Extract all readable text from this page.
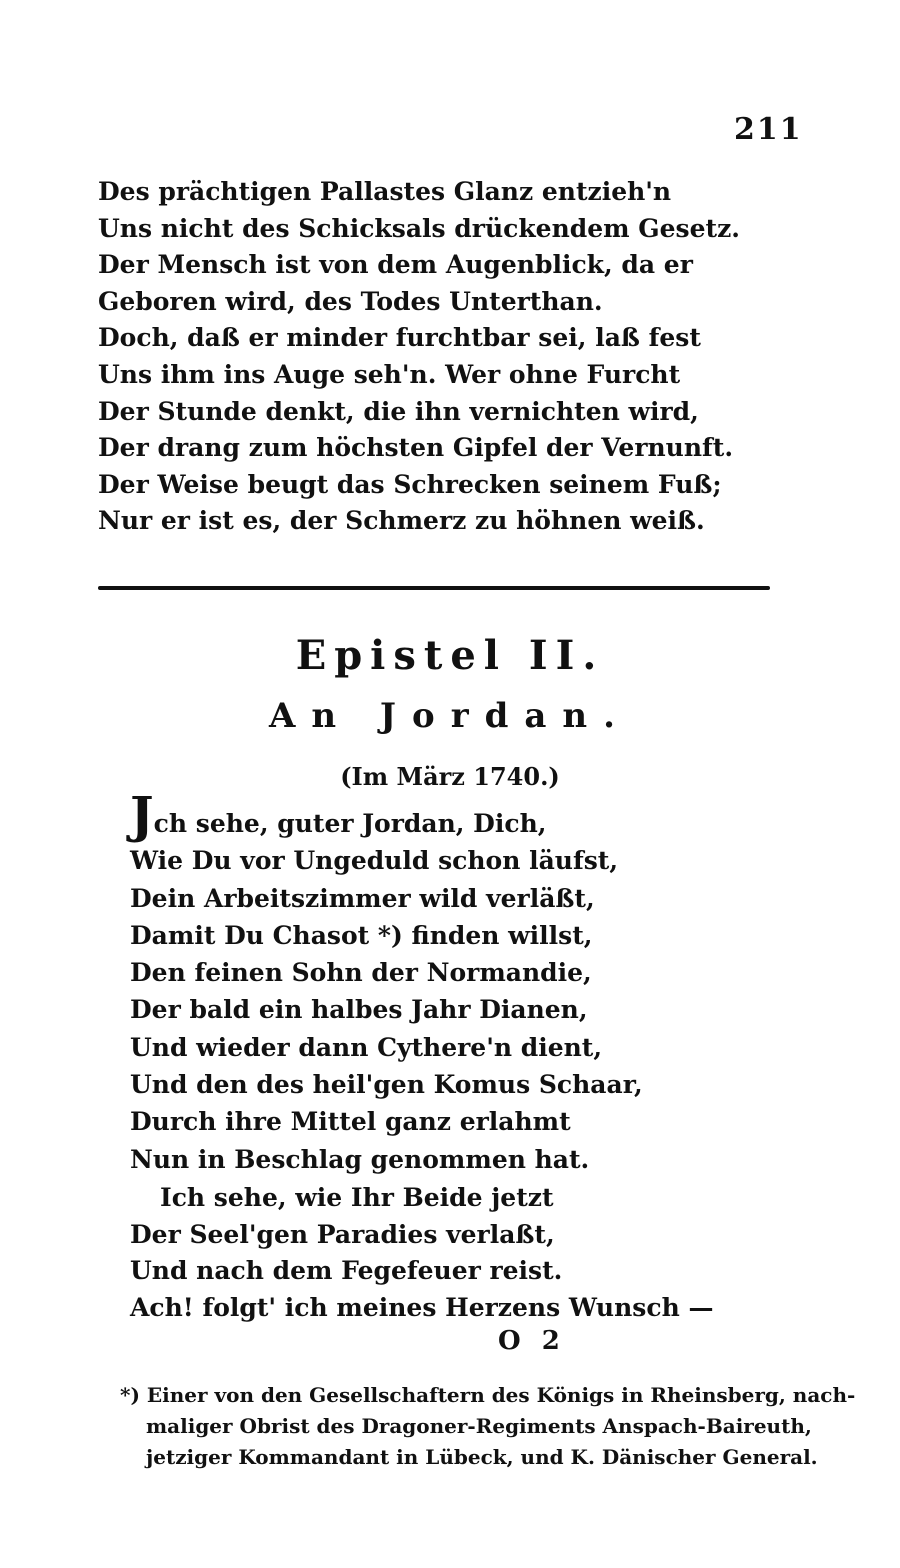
211
Des prächtigen Pallastes Glanz entzieh'n
Uns nicht des Schicksals drückendem Gesetz.
Der Mensch ist von dem Augenblick, da er
Geboren wird, des Todes Unterthan.
Doch, daß er minder furchtbar sei, laß fest
Uns ihm ins Auge seh'n. Wer ohne Furcht
Der Stunde denkt, die ihn vernichten wird,
Der drang zum höchsten Gipfel der Vernunft.
Der Weise beugt das Schrecken seinem Fuß;
Nur er ist es, der Schmerz zu höhnen weiß.
Epistel II.
An Jordan.
(Im März 1740.)
Jch sehe, guter Jordan, Dich,
Wie Du vor Ungeduld schon läufst,
Dein Arbeitszimmer wild verläßt,
Damit Du Chasot *) finden willst,
Den feinen Sohn der Normandie,
Der bald ein halbes Jahr Dianen,
Und wieder dann Cythere'n dient,
Und den des heil'gen Komus Schaar,
Durch ihre Mittel ganz erlahmt
Nun in Beschlag genommen hat.
Ich sehe, wie Ihr Beide jetzt
Der Seel'gen Paradies verlaßt,
Und nach dem Fegefeuer reist.
Ach! folgt' ich meines Herzens Wunsch —
O 2
*) Einer von den Gesellschaftern des Königs in Rheinsberg, nach-
maliger Obrist des Dragoner-Regiments Anspach-Baireuth,
jetziger Kommandant in Lübeck, und K. Dänischer General.
